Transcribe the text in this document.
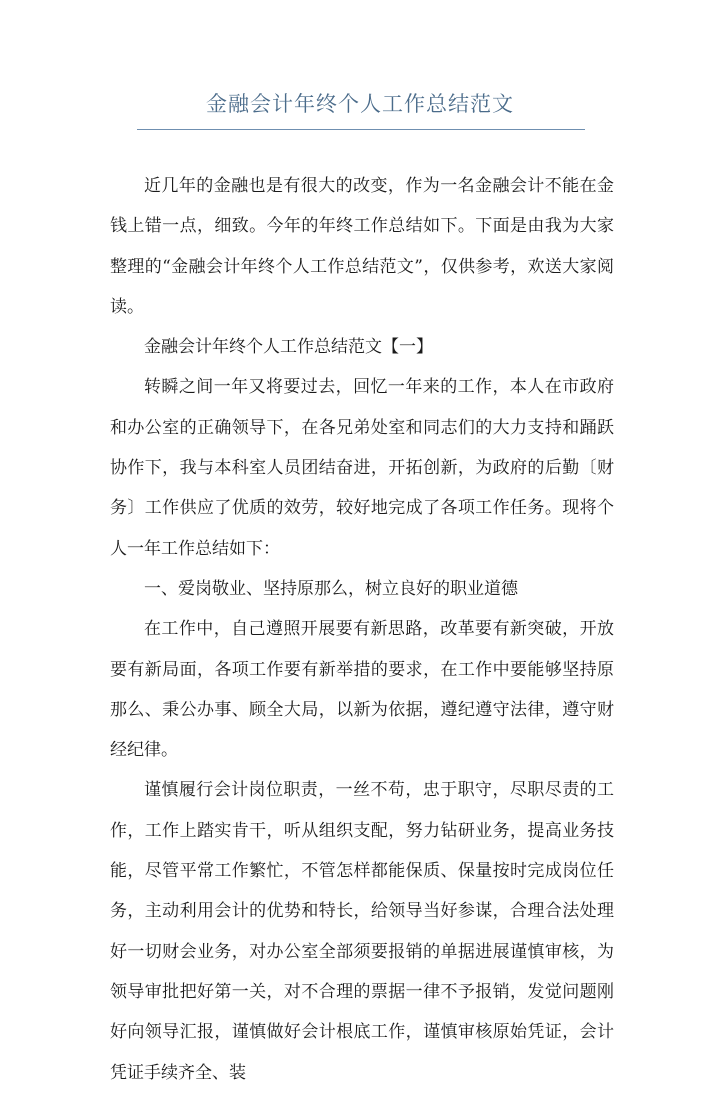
金融会计年终个人工作总结范文

近几年的金融也是有很大的改变，作为一名金融会计不能在金钱上错一点，细致。今年的年终工作总结如下。下面是由我为大家整理的“金融会计年终个人工作总结范文”，仅供参考，欢送大家阅读。

金融会计年终个人工作总结范文【一】

转瞬之间一年又将要过去，回忆一年来的工作，本人在市政府和办公室的正确领导下，在各兄弟处室和同志们的大力支持和踊跃协作下，我与本科室人员团结奋进，开拓创新，为政府的后勤〔财务〕工作供应了优质的效劳，较好地完成了各项工作任务。现将个人一年工作总结如下：

一、爱岗敬业、坚持原那么，树立良好的职业道德

在工作中，自己遵照开展要有新思路，改革要有新突破，开放要有新局面，各项工作要有新举措的要求，在工作中要能够坚持原那么、秉公办事、顾全大局，以新为依据，遵纪遵守法律，遵守财经纪律。

谨慎履行会计岗位职责，一丝不苟，忠于职守，尽职尽责的工作，工作上踏实肯干，听从组织支配，努力钻研业务，提高业务技能，尽管平常工作繁忙，不管怎样都能保质、保量按时完成岗位任务，主动利用会计的优势和特长，给领导当好参谋，合理合法处理好一切财会业务，对办公室全部须要报销的单据进展谨慎审核，为领导审批把好第一关，对不合理的票据一律不予报销，发觉问题刚好向领导汇报，谨慎做好会计根底工作，谨慎审核原始凭证，会计凭证手续齐全、装
